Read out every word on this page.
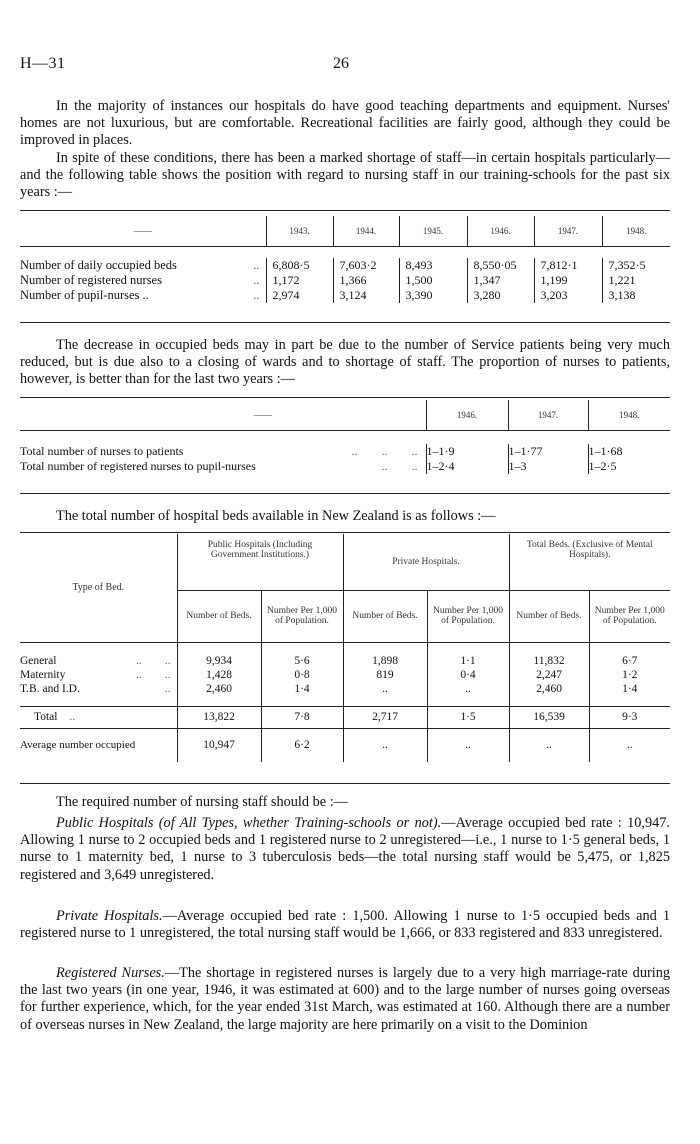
H—31	26

In the majority of instances our hospitals do have good teaching departments and equipment. Nurses' homes are not luxurious, but are comfortable. Recreational facilities are fairly good, although they could be improved in places.

In spite of these conditions, there has been a marked shortage of staff—in certain hospitals particularly—and the following table shows the position with regard to nursing staff in our training-schools for the past six years :—

——	1943.	1944.	1945.	1946.	1947.	1948.

Number of daily occupied beds ..	6,808·5	7,603·2	8,493	8,550·05	7,812·1	7,352·5
Number of registered nurses ..	1,172	1,366	1,500	1,347	1,199	1,221
Number of pupil-nurses .. ..	2,974	3,124	3,390	3,280	3,203	3,138

The decrease in occupied beds may in part be due to the number of Service patients being very much reduced, but is due also to a closing of wards and to shortage of staff. The proportion of nurses to patients, however, is better than for the last two years :—

——	1946.	1947.	1948.

Total number of nurses to patients ..        ..        ..	1–1·9	1–1·77	1–1·68
Total number of registered nurses to pupil-nurses ..        ..	1–2·4	1–3	1–2·5

The total number of hospital beds available in New Zealand is as follows :—

Type of Bed.	Public Hospitals (Including Government Institutions.)		Private Hospitals.		Total Beds. (Exclusive of Mental Hospitals).	
	Number of Beds.	Number Per 1,000 of Population.	Number of Beds.	Number Per 1,000 of Population.	Number of Beds.	Number Per 1,000 of Population.

General ..        ..	9,934	5·6	1,898	1·1	11,832	6·7
Maternity ..        ..	1,428	0·8	819	0·4	2,247	1·2
T.B. and I.D. ..	2,460	1·4	..	..	2,460	1·4

Total ..	13,822	7·8	2,717	1·5	16,539	9·3
Average number occupied	10,947	6·2	..	..	..	..

The required number of nursing staff should be :—

Public Hospitals (of All Types, whether Training-schools or not).—Average occupied bed rate : 10,947. Allowing 1 nurse to 2 occupied beds and 1 registered nurse to 2 unregistered—i.e., 1 nurse to 1·5 general beds, 1 nurse to 1 maternity bed, 1 nurse to 3 tuberculosis beds—the total nursing staff would be 5,475, or 1,825 registered and 3,649 unregistered.

Private Hospitals.—Average occupied bed rate : 1,500. Allowing 1 nurse to 1·5 occupied beds and 1 registered nurse to 1 unregistered, the total nursing staff would be 1,666, or 833 registered and 833 unregistered.

Registered Nurses.—The shortage in registered nurses is largely due to a very high marriage-rate during the last two years (in one year, 1946, it was estimated at 600) and to the large number of nurses going overseas for further experience, which, for the year ended 31st March, was estimated at 160. Although there are a number of overseas nurses in New Zealand, the large majority are here primarily on a visit to the Dominion
